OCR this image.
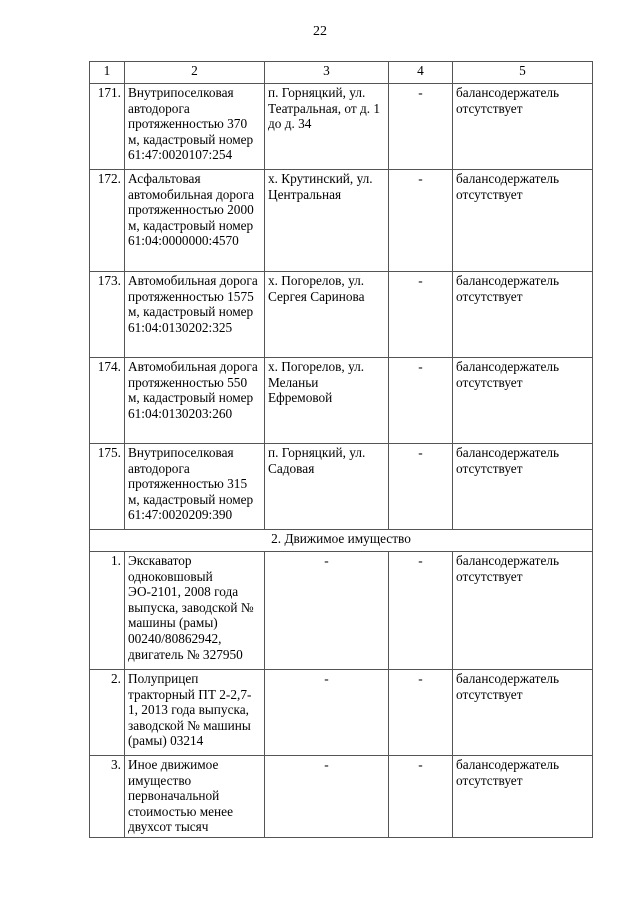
22
1	2	3	4	5
171.	Внутрипоселковая автодорога протяженностью 370 м, кадастровый номер 61:47:0020107:254	п. Горняцкий, ул. Театральная, от д. 1 до д. 34	-	балансодержатель отсутствует
172.	Асфальтовая автомобильная дорога протяженностью 2000 м, кадастровый номер 61:04:0000000:4570	х. Крутинский, ул. Центральная	-	балансодержатель отсутствует
173.	Автомобильная дорога протяженностью 1575 м, кадастровый номер 61:04:0130202:325	х. Погорелов, ул. Сергея Саринова	-	балансодержатель отсутствует
174.	Автомобильная дорога протяженностью 550 м, кадастровый номер 61:04:0130203:260	х. Погорелов, ул. Меланьи Ефремовой	-	балансодержатель отсутствует
175.	Внутрипоселковая автодорога протяженностью 315 м, кадастровый номер 61:47:0020209:390	п. Горняцкий, ул. Садовая	-	балансодержатель отсутствует
2. Движимое имущество				
1.	Экскаватор одноковшовый ЭО-2101, 2008 года выпуска, заводской № машины (рамы) 00240/80862942, двигатель № 327950	-	-	балансодержатель отсутствует
2.	Полуприцеп тракторный ПТ 2-2,7-1, 2013 года выпуска, заводской № машины (рамы) 03214	-	-	балансодержатель отсутствует
3.	Иное движимое имущество первоначальной стоимостью менее двухсот тысяч	-	-	балансодержатель отсутствует
